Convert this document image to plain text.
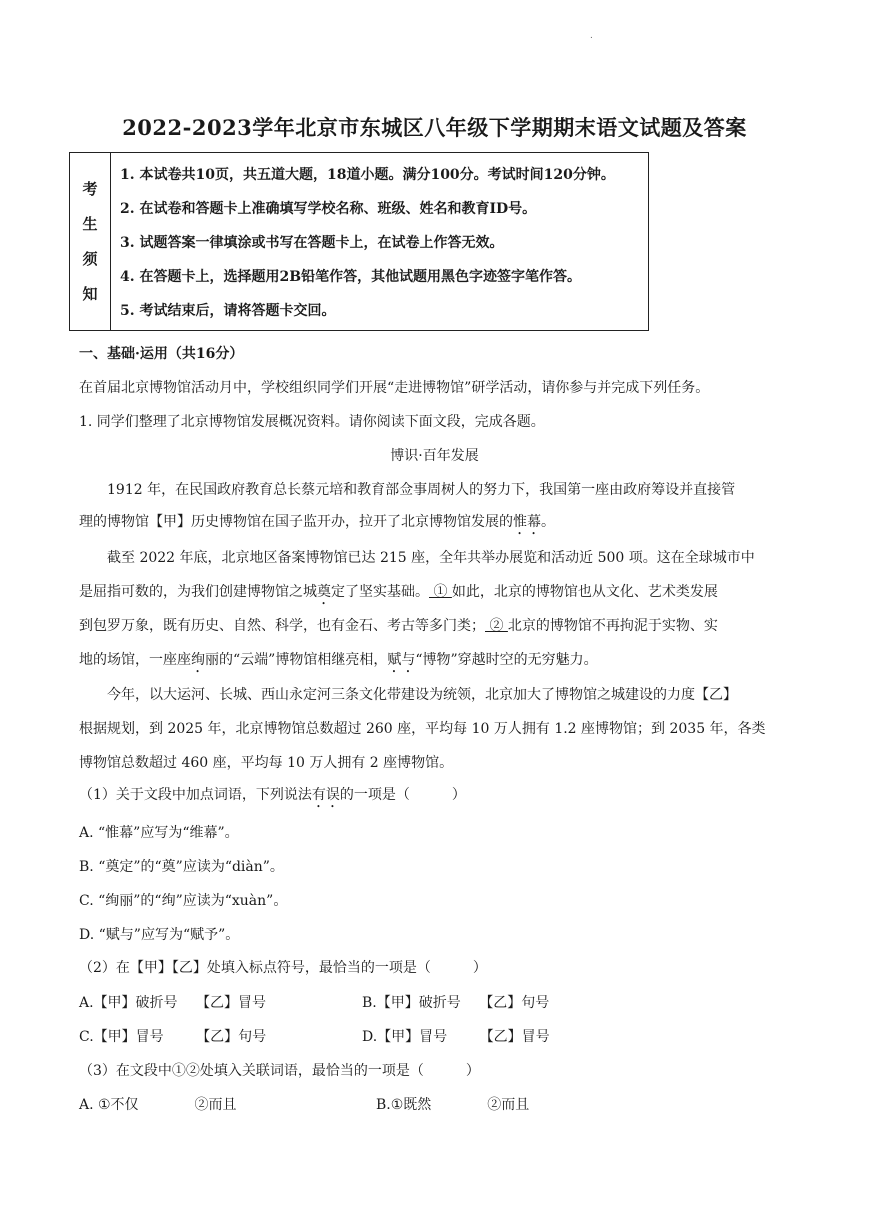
.
2022-2023学年北京市东城区八年级下学期期末语文试题及答案
考
生
须
知
1. 本试卷共10页，共五道大题，18道小题。满分100分。考试时间120分钟。
2. 在试卷和答题卡上准确填写学校名称、班级、姓名和教育ID号。
3. 试题答案一律填涂或书写在答题卡上，在试卷上作答无效。
4. 在答题卡上，选择题用2B铅笔作答，其他试题用黑色字迹签字笔作答。
5. 考试结束后，请将答题卡交回。
一、基础·运用（共16分）
在首届北京博物馆活动月中，学校组织同学们开展“走进博物馆”研学活动，请你参与并完成下列任务。
1. 同学们整理了北京博物馆发展概况资料。请你阅读下面文段，完成各题。
博识·百年发展
1912 年，在民国政府教育总长蔡元培和教育部佥事周树人的努力下，我国第一座由政府筹设并直接管
理的博物馆【甲】历史博物馆在国子监开办，拉开了北京博物馆发展的惟幕。
截至 2022 年底，北京地区备案博物馆已达 215 座，全年共举办展览和活动近 500 项。这在全球城市中
是屈指可数的，为我们创建博物馆之城奠定了坚实基础。 ① 如此，北京的博物馆也从文化、艺术类发展
到包罗万象，既有历史、自然、科学，也有金石、考古等多门类； ② 北京的博物馆不再拘泥于实物、实
地的场馆，一座座绚丽的“云端”博物馆相继亮相，赋与“博物”穿越时空的无穷魅力。
今年，以大运河、长城、西山永定河三条文化带建设为统领，北京加大了博物馆之城建设的力度【乙】
根据规划，到 2025 年，北京博物馆总数超过 260 座，平均每 10 万人拥有 1.2 座博物馆；到 2035 年，各类
博物馆总数超过 460 座，平均每 10 万人拥有 2 座博物馆。
（1）关于文段中加点词语，下列说法有误的一项是（　　　）
A. “惟幕”应写为“维幕”。
B. “奠定”的“奠”应读为“diàn”。
C. “绚丽”的“绚”应读为“xuàn”。
D. “赋与”应写为“赋予”。
（2）在【甲】【乙】处填入标点符号，最恰当的一项是（　　　）
A.【甲】破折号　 【乙】冒号	B.【甲】破折号　 【乙】句号
C.【甲】冒号　　 【乙】句号	D.【甲】冒号　　 【乙】冒号
（3）在文段中①②处填入关联词语，最恰当的一项是（　　　）
A. ①不仅　　　　②而且	B.①既然　　　　②而且
